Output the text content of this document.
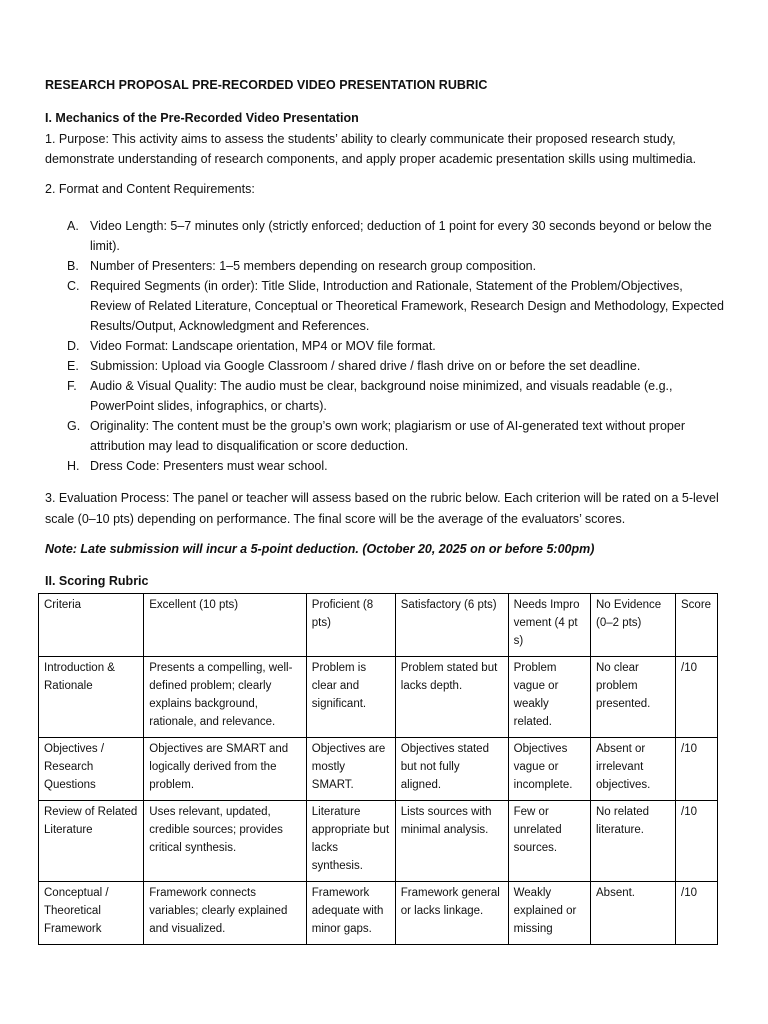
RESEARCH PROPOSAL PRE-RECORDED VIDEO PRESENTATION RUBRIC
I. Mechanics of the Pre-Recorded Video Presentation
1. Purpose: This activity aims to assess the students’ ability to clearly communicate their proposed research study, demonstrate understanding of research components, and apply proper academic presentation skills using multimedia.
2. Format and Content Requirements:
A. Video Length: 5–7 minutes only (strictly enforced; deduction of 1 point for every 30 seconds beyond or below the limit).
B. Number of Presenters: 1–5 members depending on research group composition.
C. Required Segments (in order): Title Slide, Introduction and Rationale, Statement of the Problem/Objectives, Review of Related Literature, Conceptual or Theoretical Framework, Research Design and Methodology, Expected Results/Output, Acknowledgment and References.
D. Video Format: Landscape orientation, MP4 or MOV file format.
E. Submission: Upload via Google Classroom / shared drive / flash drive on or before the set deadline.
F. Audio & Visual Quality: The audio must be clear, background noise minimized, and visuals readable (e.g., PowerPoint slides, infographics, or charts).
G. Originality: The content must be the group’s own work; plagiarism or use of AI-generated text without proper attribution may lead to disqualification or score deduction.
H. Dress Code: Presenters must wear school.
3. Evaluation Process: The panel or teacher will assess based on the rubric below. Each criterion will be rated on a 5-level scale (0–10 pts) depending on performance. The final score will be the average of the evaluators’ scores.
Note: Late submission will incur a 5-point deduction. (October 20, 2025 on or before 5:00pm)
II. Scoring Rubric
Criteria	Excellent (10 pts)	Proficient (8 pts)	Satisfactory (6 pts)	Needs Improvement (4 pts)	No Evidence (0–2 pts)	Score
Introduction & Rationale	Presents a compelling, well-defined problem; clearly explains background, rationale, and relevance.	Problem is clear and significant.	Problem stated but lacks depth.	Problem vague or weakly related.	No clear problem presented.	/10
Objectives / Research Questions	Objectives are SMART and logically derived from the problem.	Objectives are mostly SMART.	Objectives stated but not fully aligned.	Objectives vague or incomplete.	Absent or irrelevant objectives.	/10
Review of Related Literature	Uses relevant, updated, credible sources; provides critical synthesis.	Literature appropriate but lacks synthesis.	Lists sources with minimal analysis.	Few or unrelated sources.	No related literature.	/10
Conceptual / Theoretical Framework	Framework connects variables; clearly explained and visualized.	Framework adequate with minor gaps.	Framework general or lacks linkage.	Weakly explained or missing	Absent.	/10
